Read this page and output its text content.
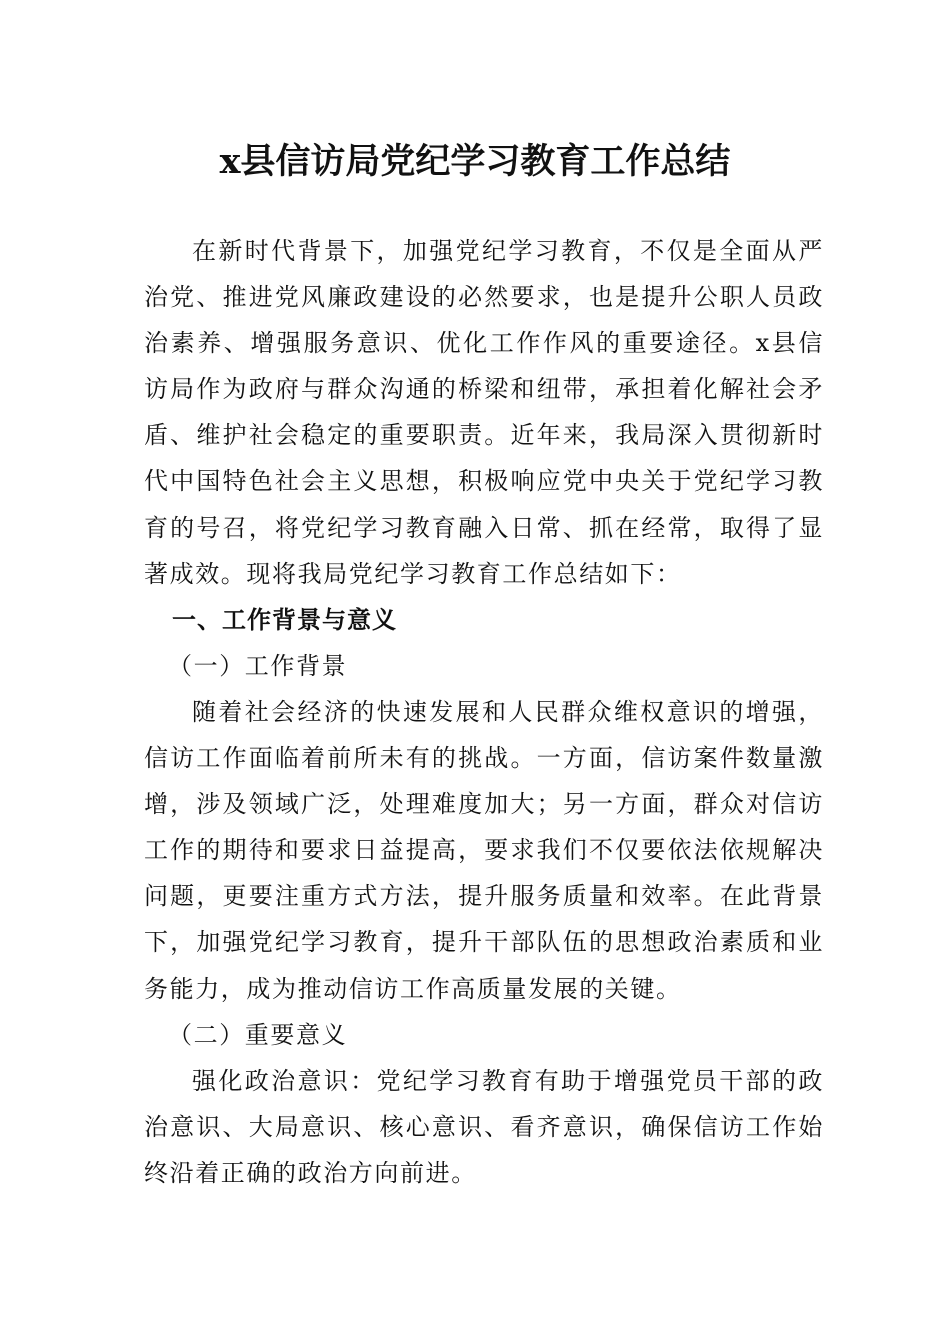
x县信访局党纪学习教育工作总结

在新时代背景下，加强党纪学习教育，不仅是全面从严治党、推进党风廉政建设的必然要求，也是提升公职人员政治素养、增强服务意识、优化工作作风的重要途径。x县信访局作为政府与群众沟通的桥梁和纽带，承担着化解社会矛盾、维护社会稳定的重要职责。近年来，我局深入贯彻新时代中国特色社会主义思想，积极响应党中央关于党纪学习教育的号召，将党纪学习教育融入日常、抓在经常，取得了显著成效。现将我局党纪学习教育工作总结如下：

一、工作背景与意义

（一）工作背景

随着社会经济的快速发展和人民群众维权意识的增强，信访工作面临着前所未有的挑战。一方面，信访案件数量激增，涉及领域广泛，处理难度加大；另一方面，群众对信访工作的期待和要求日益提高，要求我们不仅要依法依规解决问题，更要注重方式方法，提升服务质量和效率。在此背景下，加强党纪学习教育，提升干部队伍的思想政治素质和业务能力，成为推动信访工作高质量发展的关键。

（二）重要意义

强化政治意识：党纪学习教育有助于增强党员干部的政治意识、大局意识、核心意识、看齐意识，确保信访工作始终沿着正确的政治方向前进。
